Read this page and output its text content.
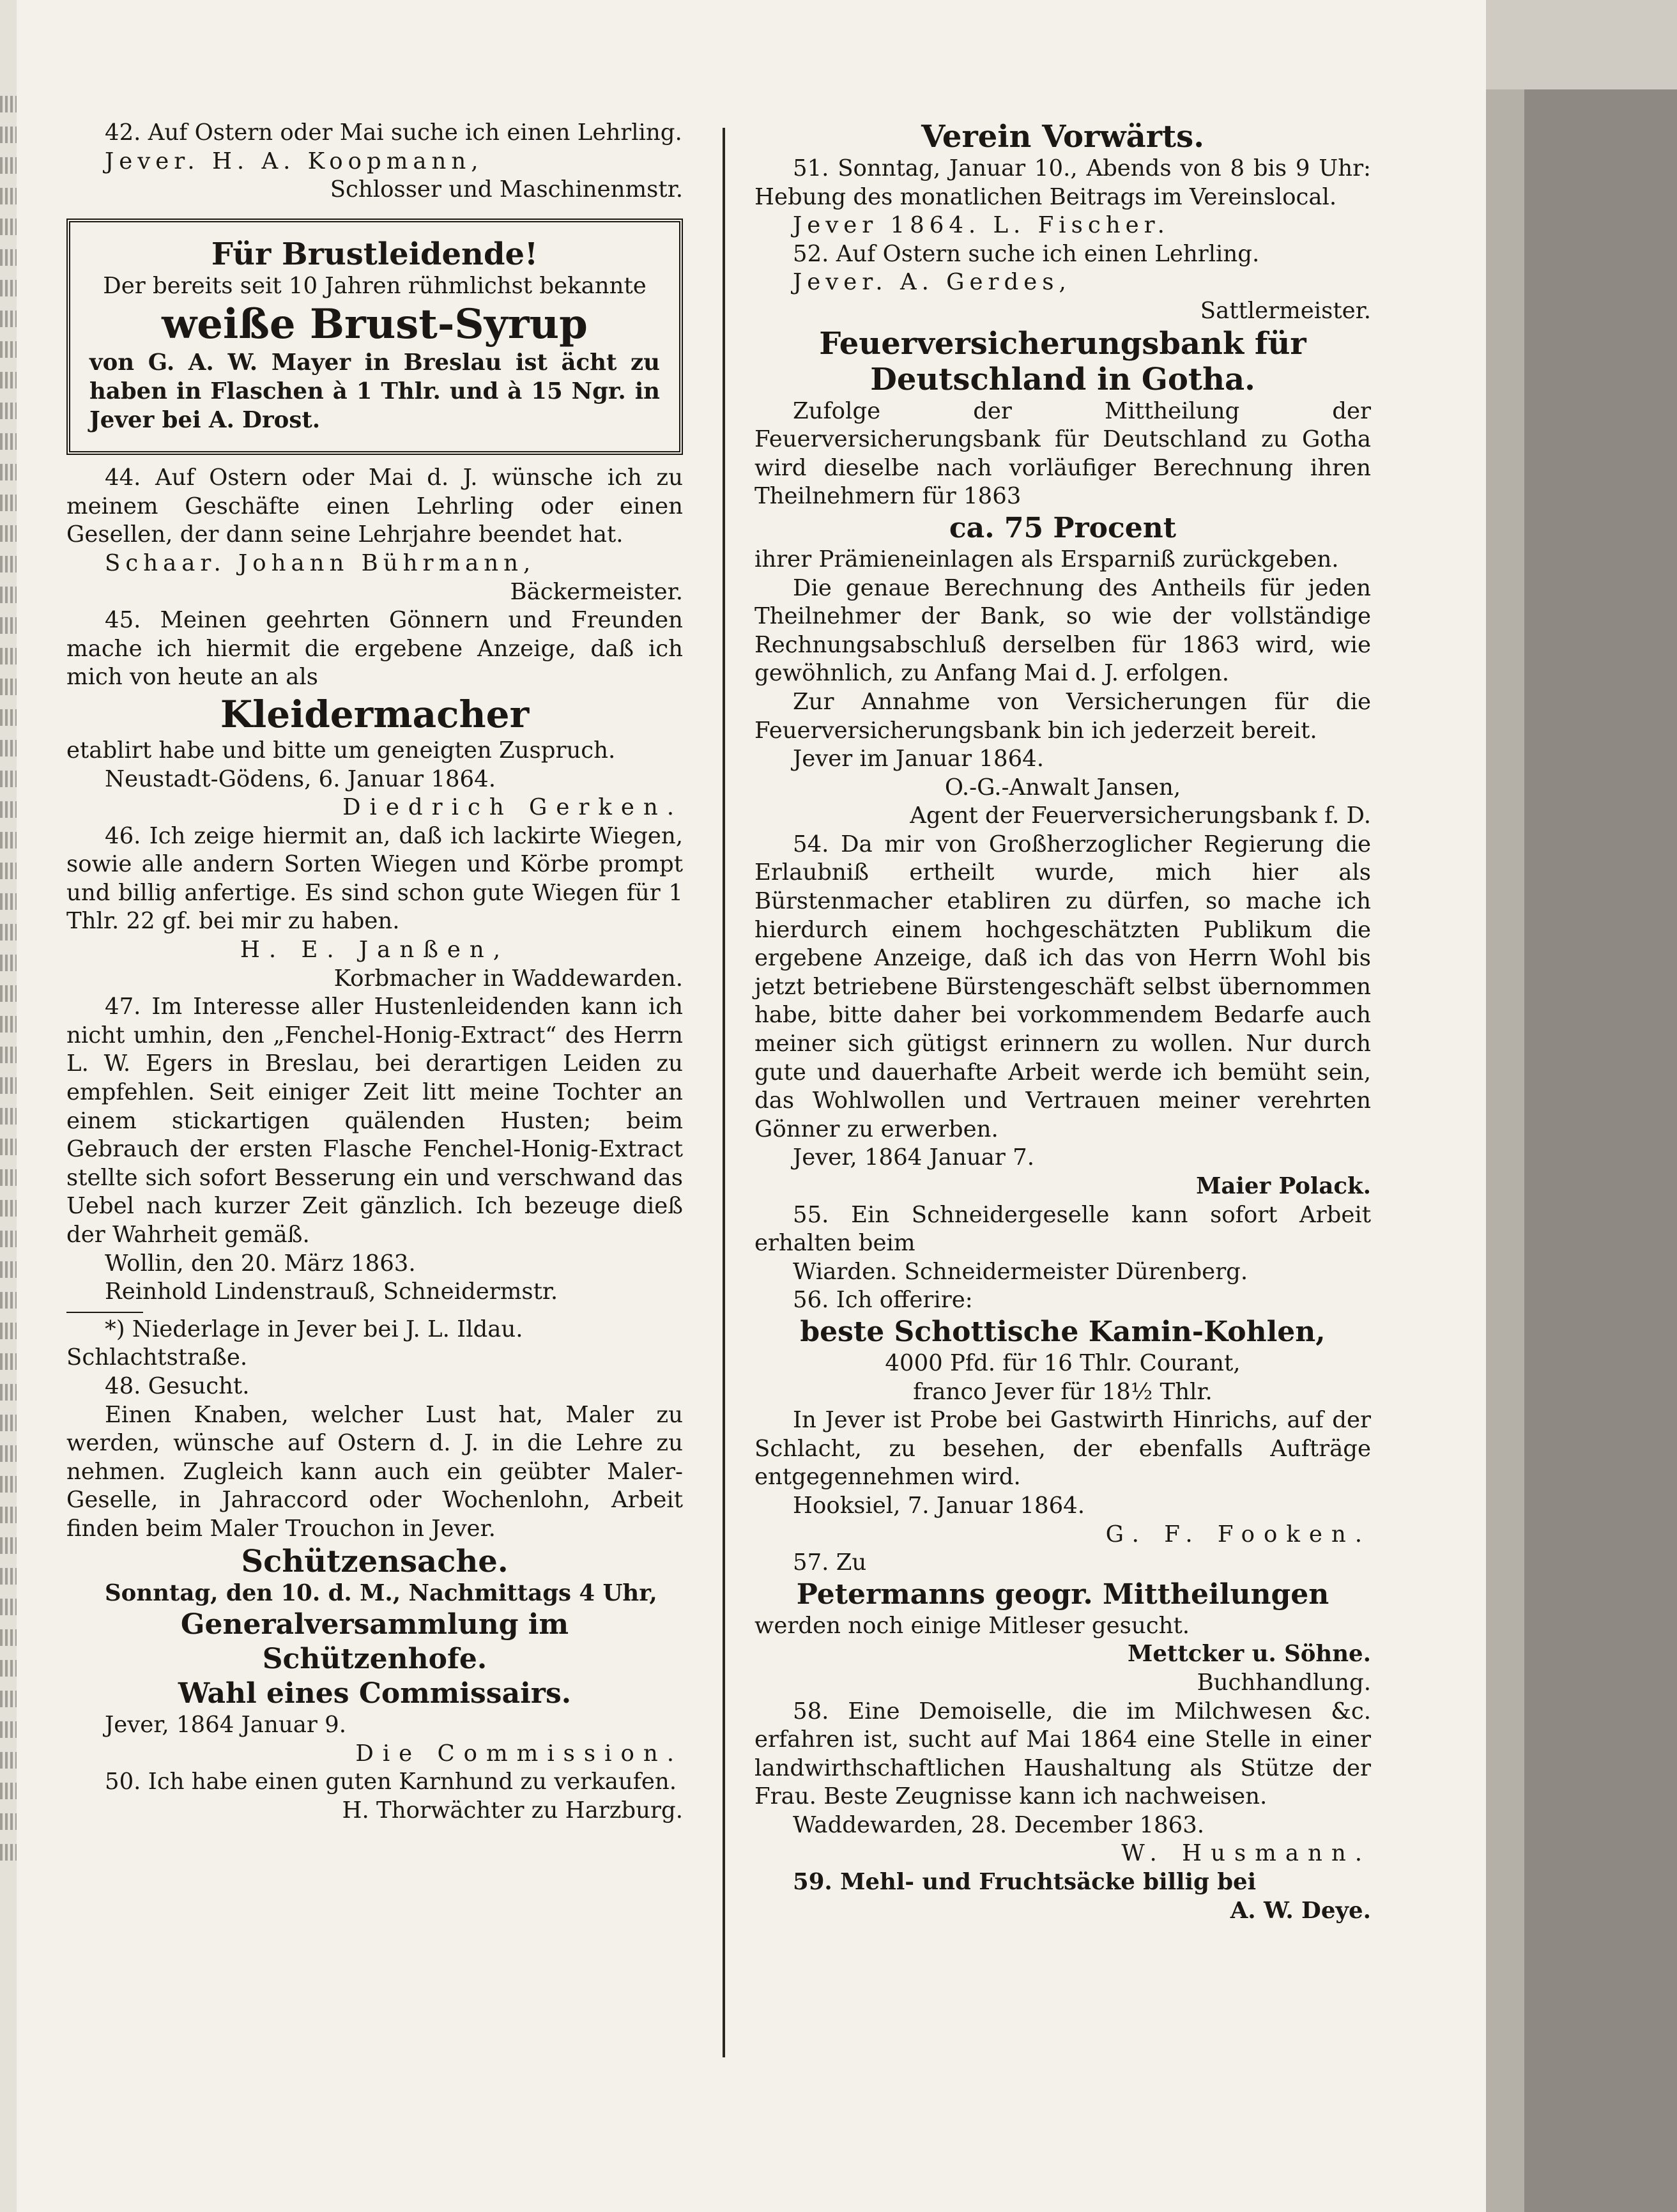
42. Auf Ostern oder Mai suche ich einen Lehrling.

Jever. H. A. Koopmann,

Schlosser und Maschinenmstr.

Für Brustleidende!

Der bereits seit 10 Jahren rühmlichst bekannte

weiße Brust-Syrup

von G. A. W. Mayer in Breslau ist ächt zu haben in Flaschen à 1 Thlr. und à 15 Ngr. in Jever bei A. Drost.

44. Auf Ostern oder Mai d. J. wünsche ich zu meinem Geschäfte einen Lehrling oder einen Gesellen, der dann seine Lehrjahre beendet hat.

Schaar. Johann Bührmann,

Bäckermeister.

45. Meinen geehrten Gönnern und Freunden mache ich hiermit die ergebene Anzeige, daß ich mich von heute an als

Kleidermacher

etablirt habe und bitte um geneigten Zuspruch.

Neustadt-Gödens, 6. Januar 1864.

Diedrich Gerken.

46. Ich zeige hiermit an, daß ich lackirte Wiegen, sowie alle andern Sorten Wiegen und Körbe prompt und billig anfertige. Es sind schon gute Wiegen für 1 Thlr. 22 gf. bei mir zu haben.

H. E. Janßen,

Korbmacher in Waddewarden.

47. Im Interesse aller Hustenleidenden kann ich nicht umhin, den „Fenchel-Honig-Extract“ des Herrn L. W. Egers in Breslau, bei derartigen Leiden zu empfehlen. Seit einiger Zeit litt meine Tochter an einem stickartigen quälenden Husten; beim Gebrauch der ersten Flasche Fenchel-Honig-Extract stellte sich sofort Besserung ein und verschwand das Uebel nach kurzer Zeit gänzlich. Ich bezeuge dieß der Wahrheit gemäß.

Wollin, den 20. März 1863.

Reinhold Lindenstrauß, Schneidermstr.

*) Niederlage in Jever bei J. L. Ildau. Schlachtstraße.

48. Gesucht.

Einen Knaben, welcher Lust hat, Maler zu werden, wünsche auf Ostern d. J. in die Lehre zu nehmen. Zugleich kann auch ein geübter Maler-Geselle, in Jahraccord oder Wochenlohn, Arbeit finden beim Maler Trouchon in Jever.

Schützensache.

Sonntag, den 10. d. M., Nachmittags 4 Uhr,

Generalversammlung im Schützenhofe.

Wahl eines Commissairs.

Jever, 1864 Januar 9.

Die Commission.

50. Ich habe einen guten Karnhund zu verkaufen.

H. Thorwächter zu Harzburg.

Verein Vorwärts.

51. Sonntag, Januar 10., Abends von 8 bis 9 Uhr: Hebung des monatlichen Beitrags im Vereinslocal.

Jever 1864. L. Fischer.

52. Auf Ostern suche ich einen Lehrling.

Jever. A. Gerdes,

Sattlermeister.

Feuerversicherungsbank für Deutschland in Gotha.

Zufolge der Mittheilung der Feuerversicherungsbank für Deutschland zu Gotha wird dieselbe nach vorläufiger Berechnung ihren Theilnehmern für 1863

ca. 75 Procent

ihrer Prämieneinlagen als Ersparniß zurückgeben.

Die genaue Berechnung des Antheils für jeden Theilnehmer der Bank, so wie der vollständige Rechnungsabschluß derselben für 1863 wird, wie gewöhnlich, zu Anfang Mai d. J. erfolgen.

Zur Annahme von Versicherungen für die Feuerversicherungsbank bin ich jederzeit bereit.

Jever im Januar 1864.

O.-G.-Anwalt Jansen,

Agent der Feuerversicherungsbank f. D.

54. Da mir von Großherzoglicher Regierung die Erlaubniß ertheilt wurde, mich hier als Bürstenmacher etabliren zu dürfen, so mache ich hierdurch einem hochgeschätzten Publikum die ergebene Anzeige, daß ich das von Herrn Wohl bis jetzt betriebene Bürstengeschäft selbst übernommen habe, bitte daher bei vorkommendem Bedarfe auch meiner sich gütigst erinnern zu wollen. Nur durch gute und dauerhafte Arbeit werde ich bemüht sein, das Wohlwollen und Vertrauen meiner verehrten Gönner zu erwerben.

Jever, 1864 Januar 7.

Maier Polack.

55. Ein Schneidergeselle kann sofort Arbeit erhalten beim

Wiarden. Schneidermeister Dürenberg.

56. Ich offerire:

beste Schottische Kamin-Kohlen,

4000 Pfd. für 16 Thlr. Courant,

franco Jever für 18½ Thlr.

In Jever ist Probe bei Gastwirth Hinrichs, auf der Schlacht, zu besehen, der ebenfalls Aufträge entgegennehmen wird.

Hooksiel, 7. Januar 1864.

G. F. Fooken.

57. Zu

Petermanns geogr. Mittheilungen

werden noch einige Mitleser gesucht.

Mettcker u. Söhne.

Buchhandlung.

58. Eine Demoiselle, die im Milchwesen &c. erfahren ist, sucht auf Mai 1864 eine Stelle in einer landwirthschaftlichen Haushaltung als Stütze der Frau. Beste Zeugnisse kann ich nachweisen.

Waddewarden, 28. December 1863.

W. Husmann.

59. Mehl- und Fruchtsäcke billig bei

A. W. Deye.
